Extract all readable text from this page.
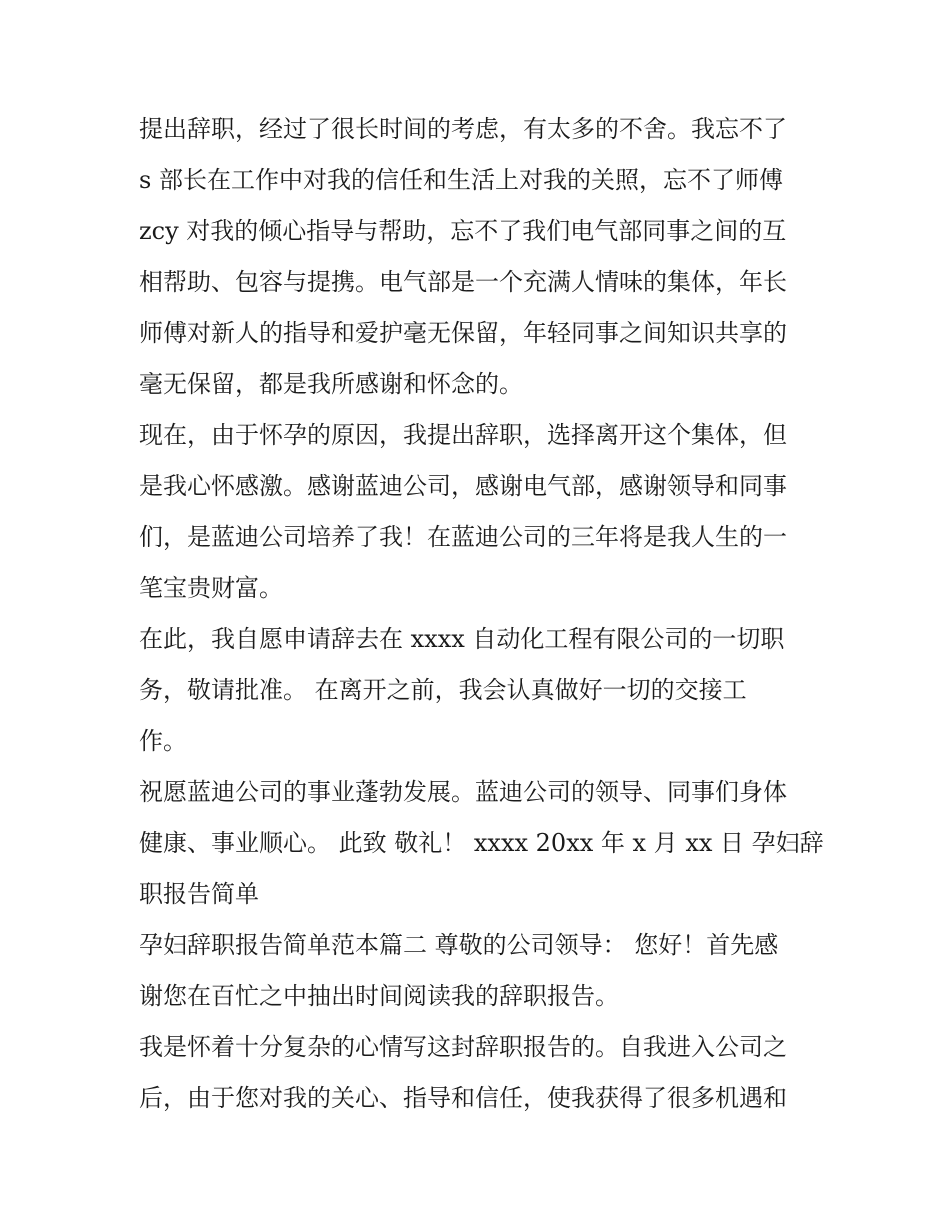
提出辞职，经过了很长时间的考虑，有太多的不舍。我忘不了
s 部长在工作中对我的信任和生活上对我的关照，忘不了师傅
zcy 对我的倾心指导与帮助，忘不了我们电气部同事之间的互
相帮助、包容与提携。电气部是一个充满人情味的集体，年长
师傅对新人的指导和爱护毫无保留，年轻同事之间知识共享的
毫无保留，都是我所感谢和怀念的。
现在，由于怀孕的原因，我提出辞职，选择离开这个集体，但
是我心怀感激。感谢蓝迪公司，感谢电气部，感谢领导和同事
们，是蓝迪公司培养了我！在蓝迪公司的三年将是我人生的一
笔宝贵财富。
在此，我自愿申请辞去在 xxxx 自动化工程有限公司的一切职
务，敬请批准。 在离开之前，我会认真做好一切的交接工
作。
祝愿蓝迪公司的事业蓬勃发展。蓝迪公司的领导、同事们身体
健康、事业顺心。 此致 敬礼！ xxxx 20xx 年 x 月 xx 日 孕妇辞
职报告简单
孕妇辞职报告简单范本篇二 尊敬的公司领导： 您好！首先感
谢您在百忙之中抽出时间阅读我的辞职报告。
我是怀着十分复杂的心情写这封辞职报告的。自我进入公司之
后，由于您对我的关心、指导和信任，使我获得了很多机遇和
